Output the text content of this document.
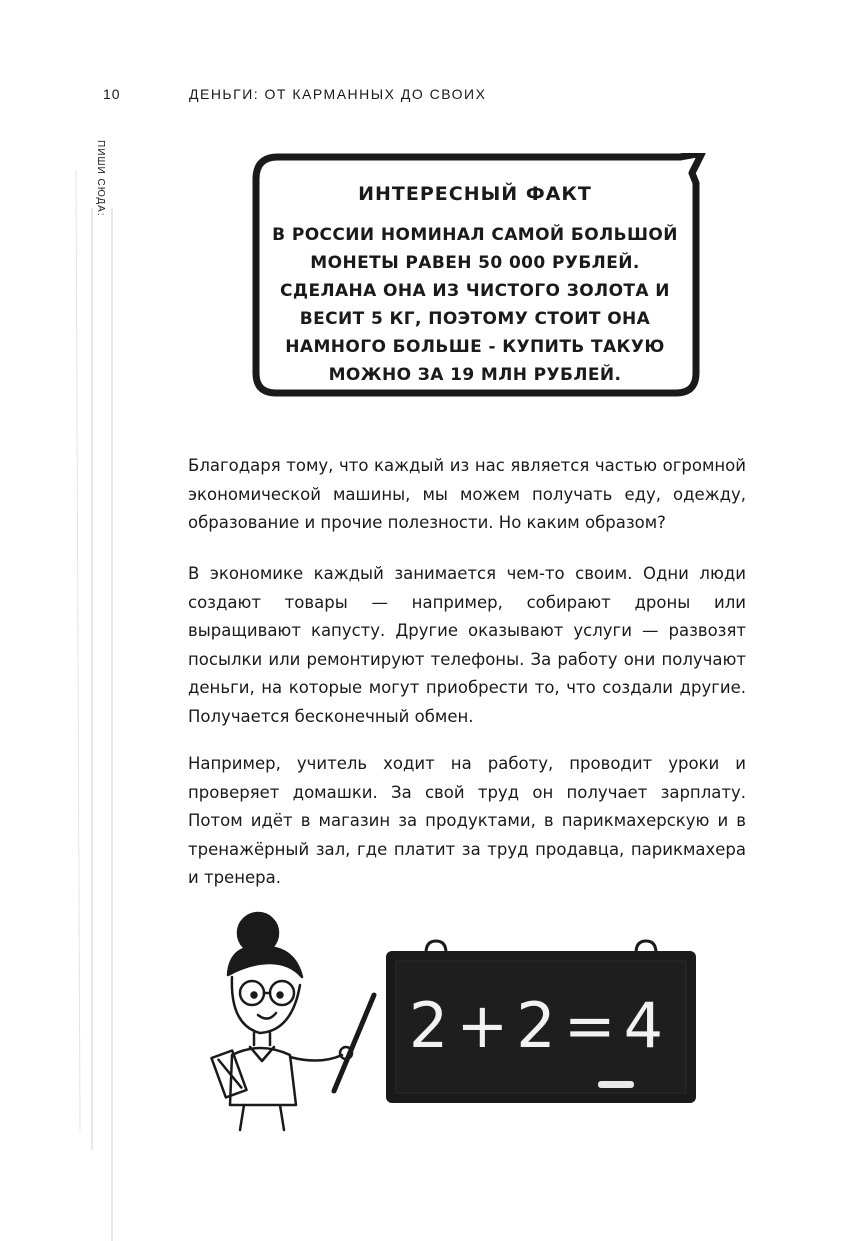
10	ДЕНЬГИ: ОТ КАРМАННЫХ ДО СВОИХ
ПИШИ СЮДА:	ИНТЕРЕСНЫЙ ФАКТ
В РОССИИ НОМИНАЛ САМОЙ БОЛЬШОЙ
МОНЕТЫ РАВЕН 50 000 РУБЛЕЙ.
СДЕЛАНА ОНА ИЗ ЧИСТОГО ЗОЛОТА И
ВЕСИТ 5 КГ, ПОЭТОМУ СТОИТ ОНА
НАМНОГО БОЛЬШЕ - КУПИТЬ ТАКУЮ
МОЖНО ЗА 19 МЛН РУБЛЕЙ.
Благодаря тому, что каждый из нас является частью огромной экономической машины, мы можем получать еду, одежду, образование и прочие полезности. Но каким образом?
В экономике каждый занимается чем-то своим. Одни люди создают товары — например, собирают дроны или выращивают капусту. Другие оказывают услуги — развозят посылки или ремонтируют телефоны. За работу они получают деньги, на которые могут приобрести то, что создали другие. Получается бесконечный обмен.
Например, учитель ходит на работу, проводит уроки и проверяет домашки. За свой труд он получает зарплату. Потом идёт в магазин за продуктами, в парикмахерскую и в тренажёрный зал, где платит за труд продавца, парикмахера и тренера.
2+2=4
